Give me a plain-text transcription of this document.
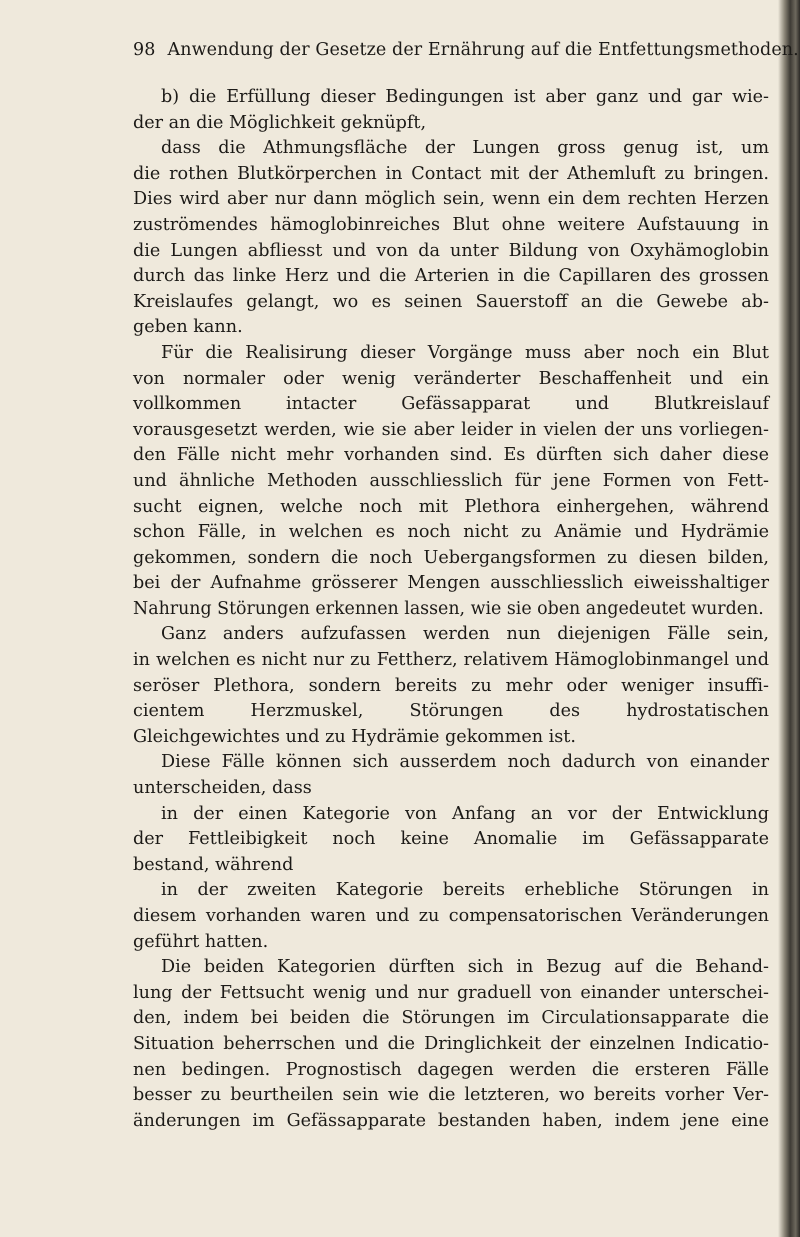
98 Anwendung der Gesetze der Ernährung auf die Entfettungsmethoden.
b) die Erfüllung dieser Bedingungen ist aber ganz und gar wie-
der an die Möglichkeit geknüpft,
dass die Athmungsfläche der Lungen gross genug ist, um
die rothen Blutkörperchen in Contact mit der Athemluft zu bringen.
Dies wird aber nur dann möglich sein, wenn ein dem rechten Herzen
zuströmendes hämoglobinreiches Blut ohne weitere Aufstauung in
die Lungen abfliesst und von da unter Bildung von Oxyhämoglobin
durch das linke Herz und die Arterien in die Capillaren des grossen
Kreislaufes gelangt, wo es seinen Sauerstoff an die Gewebe ab-
geben kann.
Für die Realisirung dieser Vorgänge muss aber noch ein Blut
von normaler oder wenig veränderter Beschaffenheit und ein
vollkommen intacter Gefässapparat und Blutkreislauf
vorausgesetzt werden, wie sie aber leider in vielen der uns vorliegen-
den Fälle nicht mehr vorhanden sind. Es dürften sich daher diese
und ähnliche Methoden ausschliesslich für jene Formen von Fett-
sucht eignen, welche noch mit Plethora einhergehen, während
schon Fälle, in welchen es noch nicht zu Anämie und Hydrämie
gekommen, sondern die noch Uebergangsformen zu diesen bilden,
bei der Aufnahme grösserer Mengen ausschliesslich eiweisshaltiger
Nahrung Störungen erkennen lassen, wie sie oben angedeutet wurden.
Ganz anders aufzufassen werden nun diejenigen Fälle sein,
in welchen es nicht nur zu Fettherz, relativem Hämoglobinmangel und
seröser Plethora, sondern bereits zu mehr oder weniger insuffi-
cientem Herzmuskel, Störungen des hydrostatischen
Gleichgewichtes und zu Hydrämie gekommen ist.
Diese Fälle können sich ausserdem noch dadurch von einander
unterscheiden, dass
in der einen Kategorie von Anfang an vor der Entwicklung
der Fettleibigkeit noch keine Anomalie im Gefässapparate
bestand, während
in der zweiten Kategorie bereits erhebliche Störungen in
diesem vorhanden waren und zu compensatorischen Veränderungen
geführt hatten.
Die beiden Kategorien dürften sich in Bezug auf die Behand-
lung der Fettsucht wenig und nur graduell von einander unterschei-
den, indem bei beiden die Störungen im Circulationsapparate die
Situation beherrschen und die Dringlichkeit der einzelnen Indicatio-
nen bedingen. Prognostisch dagegen werden die ersteren Fälle
besser zu beurtheilen sein wie die letzteren, wo bereits vorher Ver-
änderungen im Gefässapparate bestanden haben, indem jene eine
